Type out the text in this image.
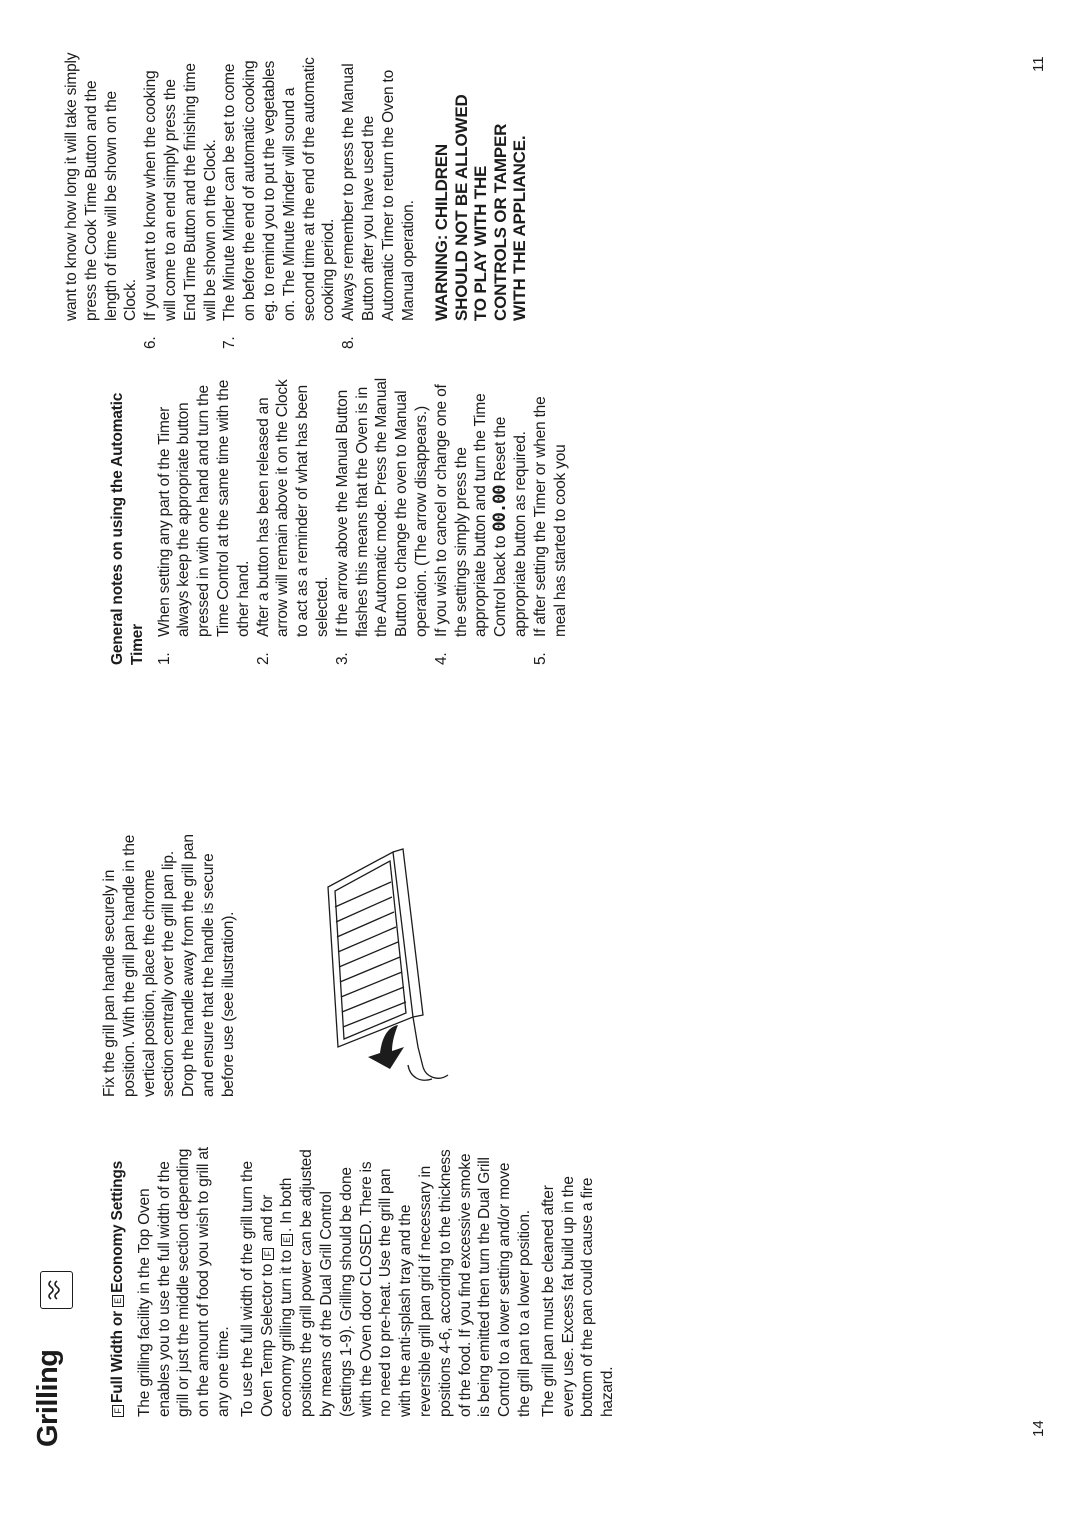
Grilling	FFull Width or EEconomy Settings The grilling facility in the Top Oven enables you to use the full width of the grill or just the middle section depending on the amount of food you wish to grill at any one time. To use the full width of the grill turn the Oven Temp Selector to F and for economy grilling turn it to E. In both positions the grill power can be adjusted by means of the Dual Grill Control (settings 1-9). Grilling should be done with the Oven door CLOSED. There is no need to pre-heat. Use the grill pan with the anti-splash tray and the reversible grill pan grid if necessary in positions 4-6, according to the thickness of the food. If you find excessive smoke is being emitted then turn the Dual Grill Control to a lower setting and/or move the grill pan to a lower position. The grill pan must be cleaned after every use. Excess fat build up in the bottom of the pan could cause a fire hazard.

Fix the grill pan handle securely in position. With the grill pan handle in the vertical position, place the chrome section centrally over the grill pan lip. Drop the handle away from the grill pan and ensure that the handle is secure before use (see illustration).

General notes on using the Automatic Timer 1.
When setting any part of the Timer always keep the appropriate button pressed in with one hand and turn the Time Control at the same time with the other hand.
2.
After a button has been released an arrow will remain above it on the Clock to act as a reminder of what has been selected.
3.
If the arrow above the Manual Button flashes this means that the Oven is in the Automatic mode. Press the Manual Button to change the oven to Manual operation. (The arrow disappears.)
4.
If you wish to cancel or change one of the settings simply press the appropriate button and turn the Time Control back to 00.00 Reset the appropriate button as required.
5.
If after setting the Timer or when the meal has started to cook you

want to know how long it will take simply press the Cook Time Button and the length of time will be shown on the Clock.

6.
If you want to know when the cooking will come to an end simply press the End Time Button and the finishing time will be shown on the Clock.
7.
The Minute Minder can be set to come on before the end of automatic cooking eg. to remind you to put the vegetables on. The Minute Minder will sound a second time at the end of the automatic cooking period.
8.
Always remember to press the Manual Button after you have used the Automatic Timer to return the Oven to Manual operation. WARNING: CHILDREN SHOULD NOT BE ALLOWED TO PLAY WITH THE CONTROLS OR TAMPER WITH THE APPLIANCE.
14
11
